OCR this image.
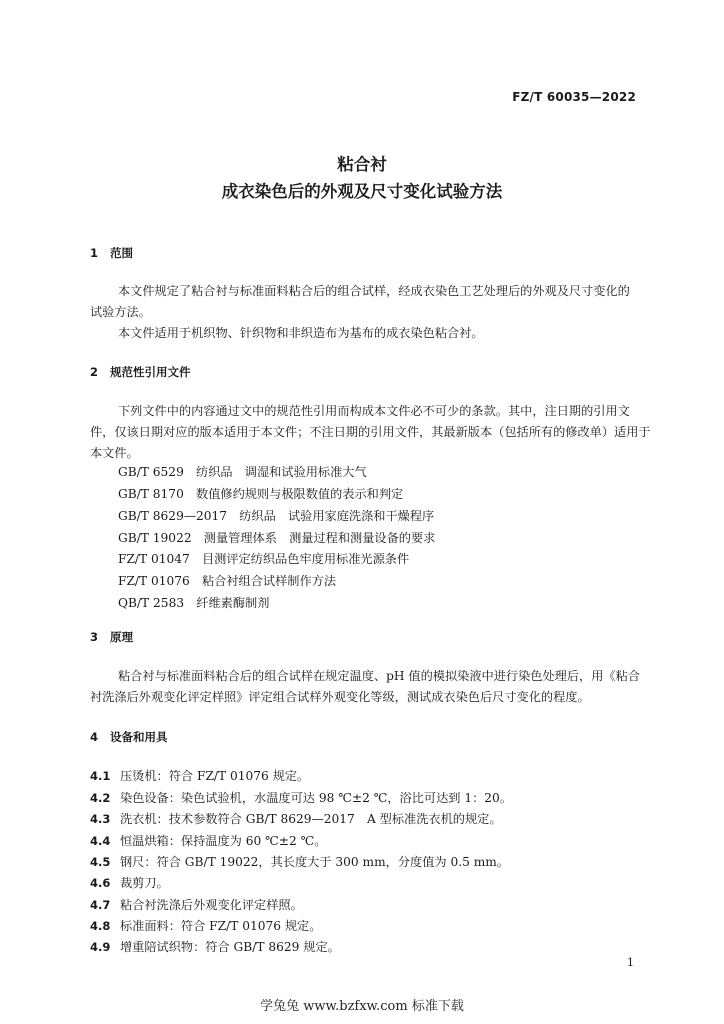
FZ/T 60035—2022
粘合衬
成衣染色后的外观及尺寸变化试验方法
1 范围
本文件规定了粘合衬与标准面料粘合后的组合试样，经成衣染色工艺处理后的外观及尺寸变化的
试验方法。
本文件适用于机织物、针织物和非织造布为基布的成衣染色粘合衬。
2 规范性引用文件
下列文件中的内容通过文中的规范性引用而构成本文件必不可少的条款。其中，注日期的引用文
件，仅该日期对应的版本适用于本文件；不注日期的引用文件，其最新版本（包括所有的修改单）适用于
本文件。
GB/T 6529　 纺织品　调湿和试验用标准大气
GB/T 8170　 数值修约规则与极限数值的表示和判定
GB/T 8629—2017　 纺织品　试验用家庭洗涤和干燥程序
GB/T 19022　 测量管理体系　测量过程和测量设备的要求
FZ/T 01047　 目测评定纺织品色牢度用标准光源条件
FZ/T 01076　 粘合衬组合试样制作方法
QB/T 2583　 纤维素酶制剂
3 原理
粘合衬与标准面料粘合后的组合试样在规定温度、pH 值的模拟染液中进行染色处理后，用《粘合
衬洗涤后外观变化评定样照》评定组合试样外观变化等级，测试成衣染色后尺寸变化的程度。
4 设备和用具
4.1 压烫机：符合 FZ/T 01076 规定。
4.2 染色设备：染色试验机，水温度可达 98 ℃±2 ℃，浴比可达到 1：20。
4.3 洗衣机：技术参数符合 GB/T 8629—2017　A 型标准洗衣机的规定。
4.4 恒温烘箱：保持温度为 60 ℃±2 ℃。
4.5 钢尺：符合 GB/T 19022，其长度大于 300 mm，分度值为 0.5 mm。
4.6 裁剪刀。
4.7 粘合衬洗涤后外观变化评定样照。
4.8 标准面料：符合 FZ/T 01076 规定。
4.9 增重陪试织物：符合 GB/T 8629 规定。
1
学兔兔 www.bzfxw.com 标准下载
